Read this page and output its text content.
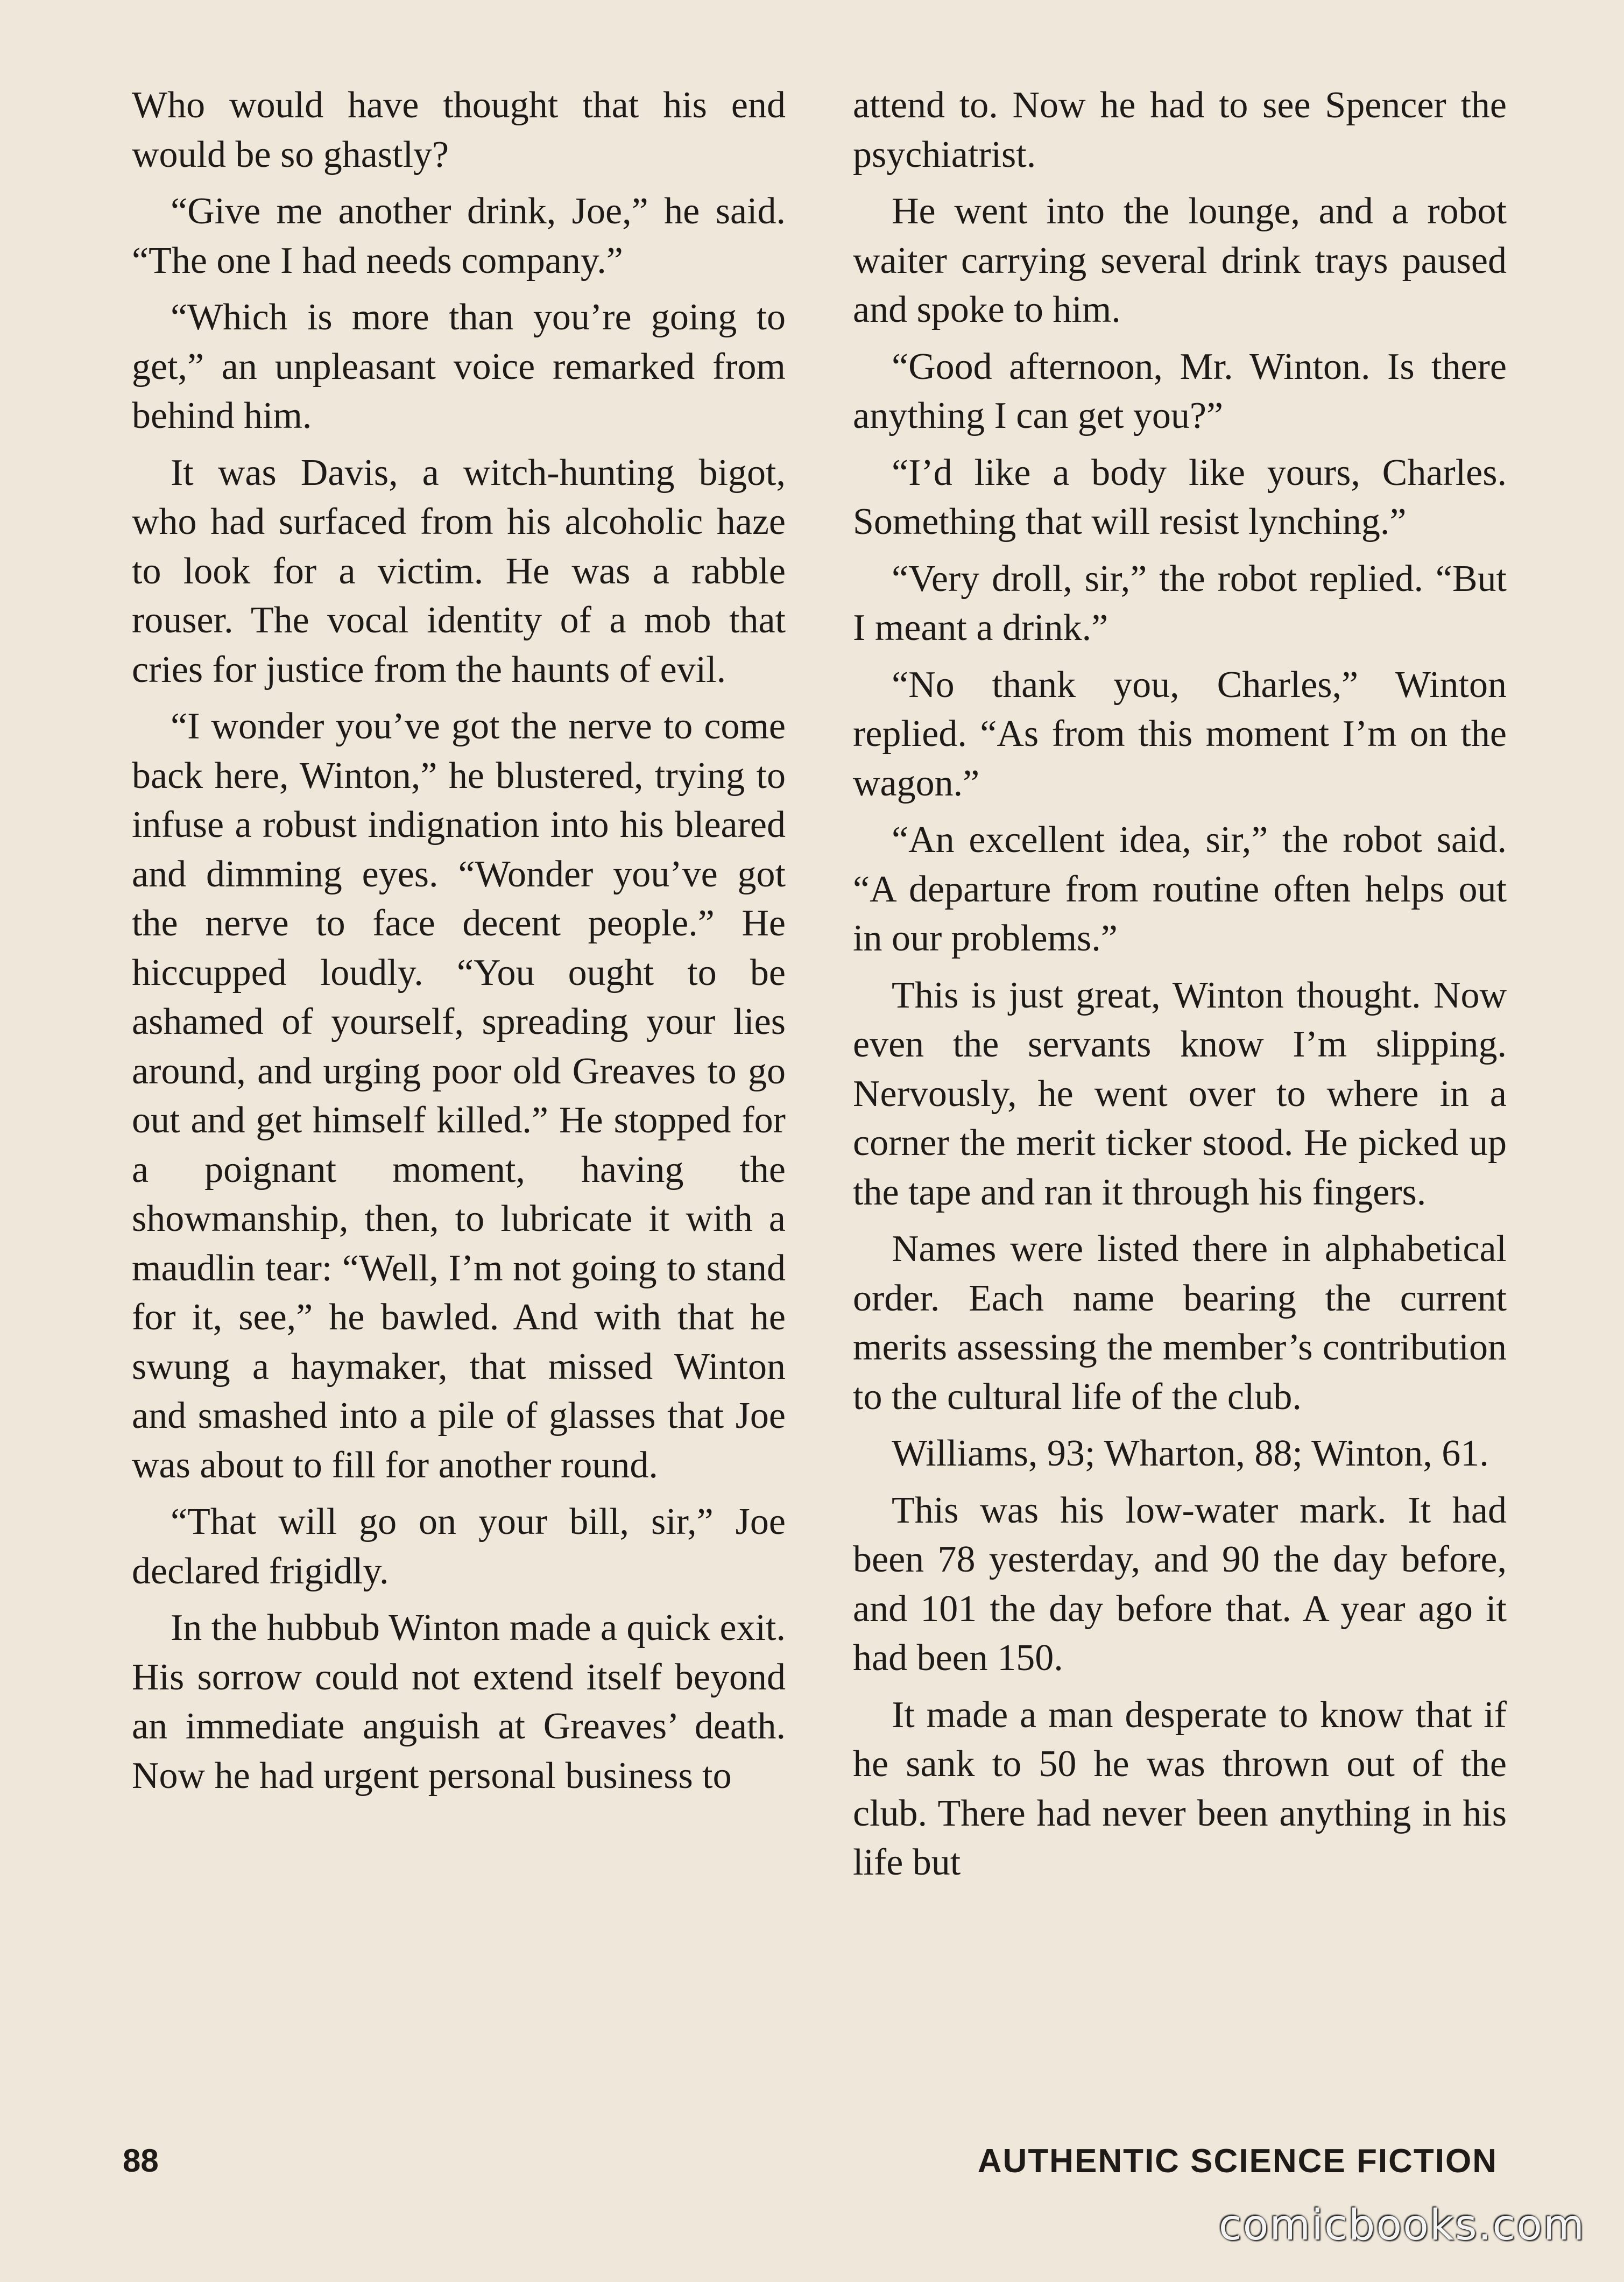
Who would have thought that his end would be so ghastly?

“Give me another drink, Joe,” he said. “The one I had needs company.”

“Which is more than you’re going to get,” an unpleasant voice remarked from behind him.

It was Davis, a witch-hunting bigot, who had surfaced from his alcoholic haze to look for a victim. He was a rabble rouser. The vocal identity of a mob that cries for justice from the haunts of evil.

“I wonder you’ve got the nerve to come back here, Winton,” he blustered, trying to infuse a robust indignation into his bleared and dimming eyes. “Wonder you’ve got the nerve to face decent people.” He hiccupped loudly. “You ought to be ashamed of yourself, spreading your lies around, and urging poor old Greaves to go out and get himself killed.” He stopped for a poignant moment, having the showmanship, then, to lubricate it with a maudlin tear: “Well, I’m not going to stand for it, see,” he bawled. And with that he swung a haymaker, that missed Winton and smashed into a pile of glasses that Joe was about to fill for another round.

“That will go on your bill, sir,” Joe declared frigidly.

In the hubbub Winton made a quick exit. His sorrow could not extend itself beyond an immediate anguish at Greaves’ death. Now he had urgent personal business to

attend to. Now he had to see Spencer the psychiatrist.

He went into the lounge, and a robot waiter carrying several drink trays paused and spoke to him.

“Good afternoon, Mr. Winton. Is there anything I can get you?”

“I’d like a body like yours, Charles. Something that will resist lynching.”

“Very droll, sir,” the robot replied. “But I meant a drink.”

“No thank you, Charles,” Winton replied. “As from this moment I’m on the wagon.”

“An excellent idea, sir,” the robot said. “A departure from routine often helps out in our problems.”

This is just great, Winton thought. Now even the servants know I’m slipping. Nervously, he went over to where in a corner the merit ticker stood. He picked up the tape and ran it through his fingers.

Names were listed there in alphabetical order. Each name bearing the current merits assessing the member’s contribution to the cultural life of the club.

Williams, 93; Wharton, 88; Winton, 61.

This was his low-water mark. It had been 78 yesterday, and 90 the day before, and 101 the day before that. A year ago it had been 150.

It made a man desperate to know that if he sank to 50 he was thrown out of the club. There had never been anything in his life but

88	AUTHENTIC SCIENCE FICTION
comicbooks.com
